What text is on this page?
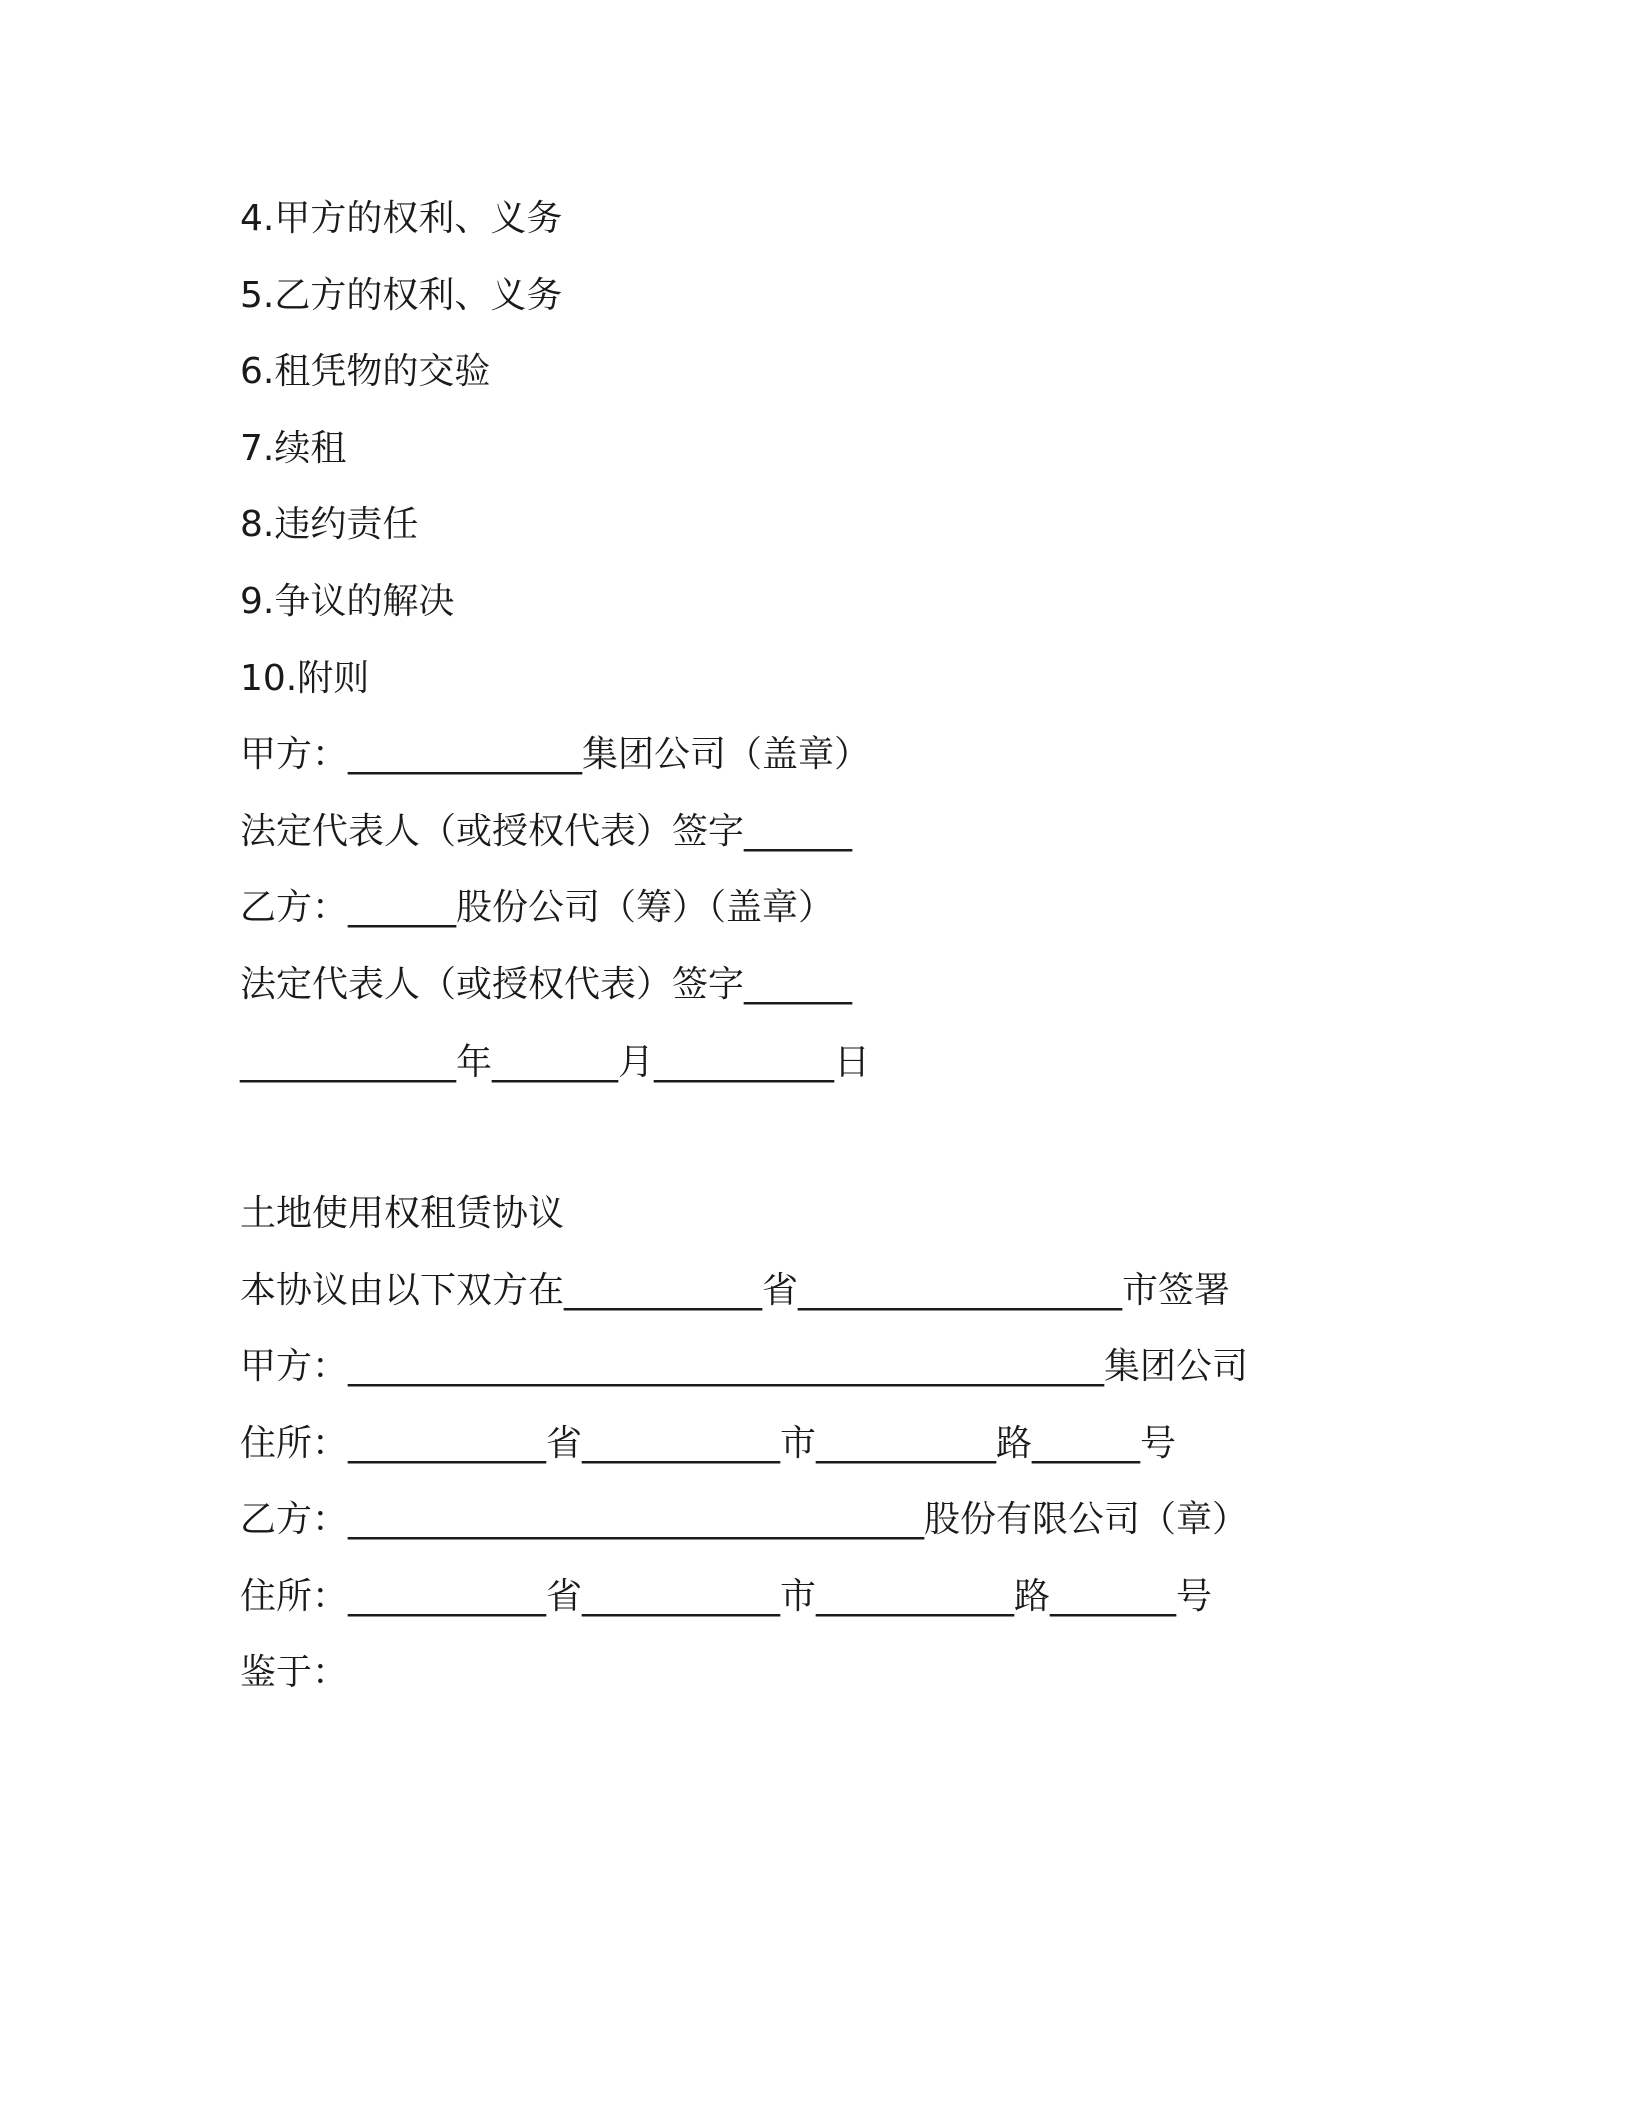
4.甲方的权利、义务
5.乙方的权利、义务
6.租凭物的交验
7.续租
8.违约责任
9.争议的解决
10.附则
甲方：_____________集团公司（盖章）
法定代表人（或授权代表）签字______
乙方：______股份公司（筹）（盖章）
法定代表人（或授权代表）签字______
____________年_______月__________日
土地使用权租赁协议
本协议由以下双方在___________省__________________市签署
甲方：__________________________________________集团公司
住所：___________省___________市__________路______号
乙方：________________________________股份有限公司（章）
住所：___________省___________市___________路_______号
鉴于：
